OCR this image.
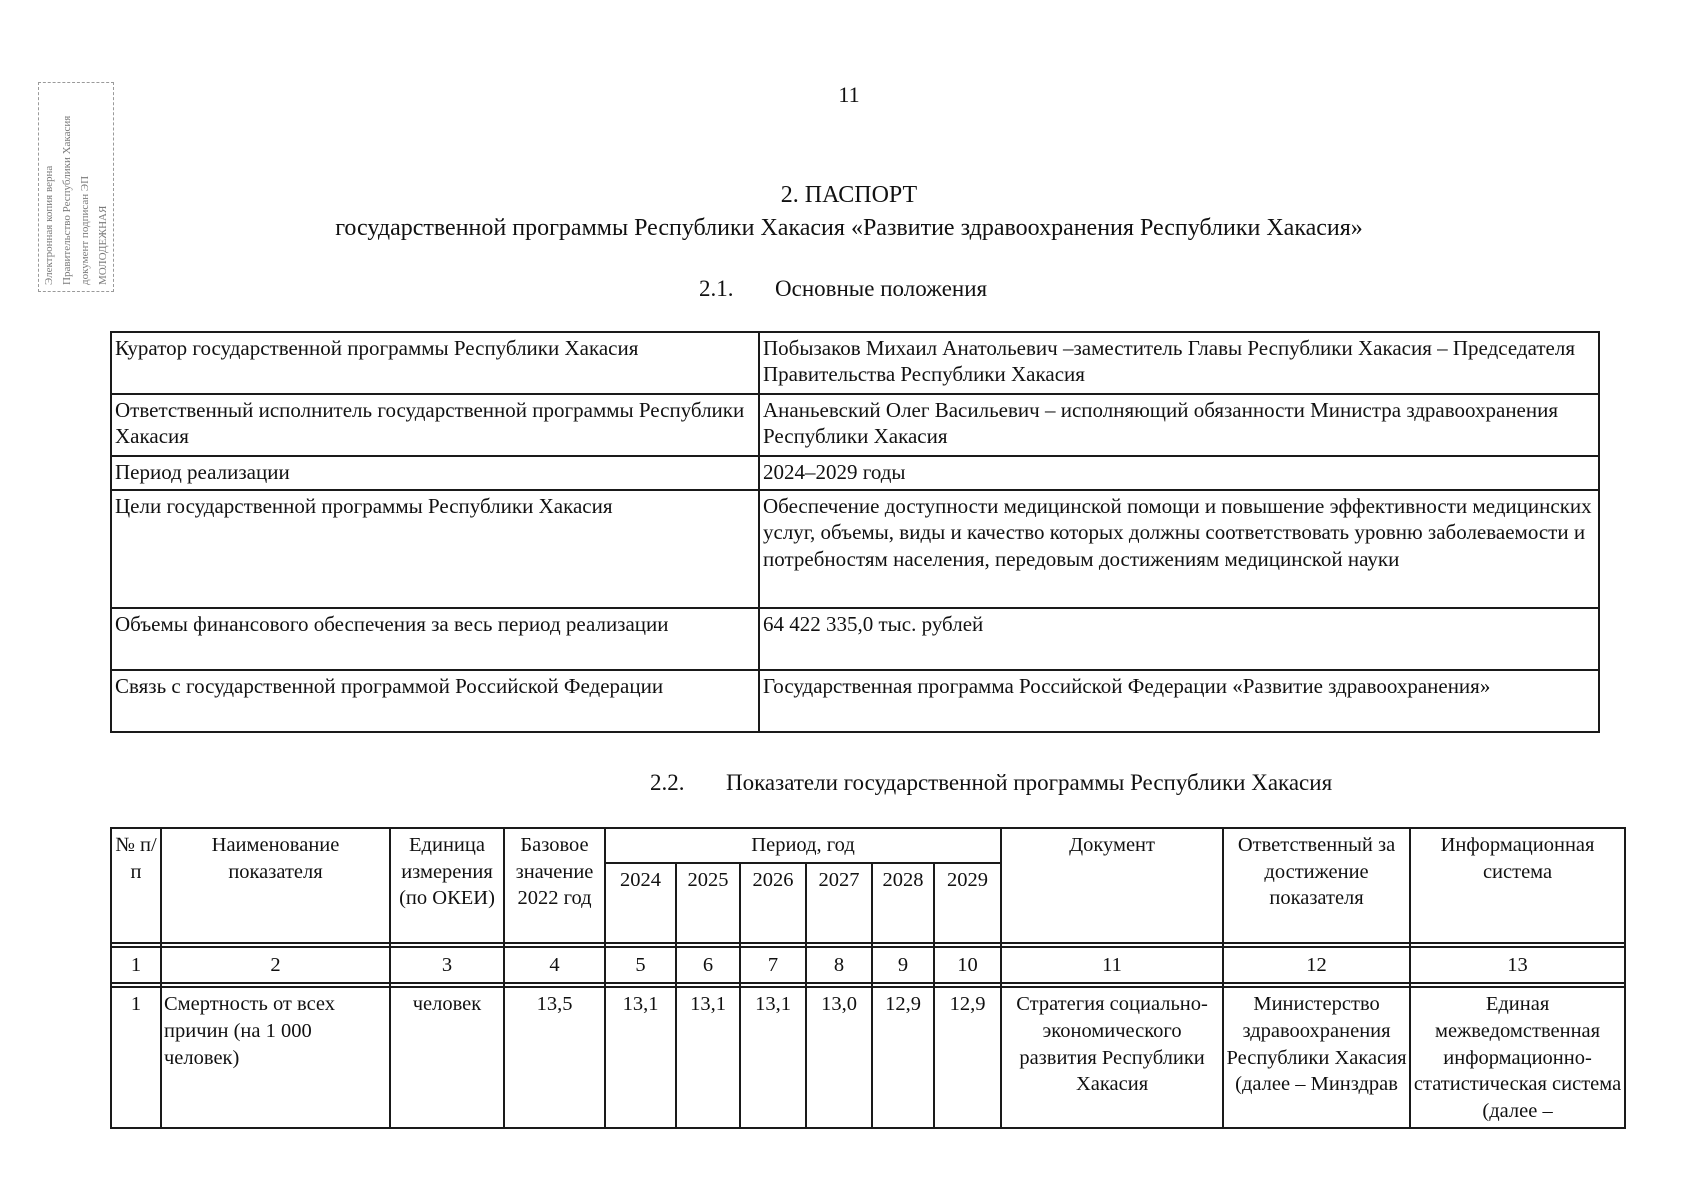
11
Электронная копия верна Правительство Республики Хакасия документ подписан ЭП МОЛОДЕЖНАЯ
2. ПАСПОРТ
государственной программы Республики Хакасия «Развитие здравоохранения Республики Хакасия»
2.1. Основные положения
Куратор государственной программы Республики Хакасия	Побызаков Михаил Анатольевич –заместитель Главы Республики Хакасия – Председателя Правительства Республики Хакасия
Ответственный исполнитель государственной программы Республики Хакасия	Ананьевский Олег Васильевич – исполняющий обязанности Министра здравоохранения Республики Хакасия
Период реализации	2024–2029 годы
Цели государственной программы Республики Хакасия	Обеспечение доступности медицинской помощи и повышение эффективности медицинских услуг, объемы, виды и качество которых должны соответствовать уровню заболеваемости и потребностям населения, передовым достижениям медицинской науки
Объемы финансового обеспечения за весь период реализации	64 422 335,0 тыс. рублей
Связь с государственной программой Российской Федерации	Государственная программа Российской Федерации «Развитие здравоохранения»
2.2. Показатели государственной программы Республики Хакасия
№ п/п	Наименование показателя	Единица измерения (по ОКЕИ)	Базовое значение 2022 год	Период, год						Документ	Ответственный за достижение показателя	Информационная система
				2024	2025	2026	2027	2028	2029			

1	2	3	4	5	6	7	8	9	10	11	12	13

1	Смертность от всех причин (на 1 000 человек)	человек	13,5	13,1	13,1	13,1	13,0	12,9	12,9	Стратегия социально-экономического развития Республики Хакасия	Министерство здравоохранения Республики Хакасия (далее – Минздрав	Единая межведомственная информационно-статистическая система (далее –
